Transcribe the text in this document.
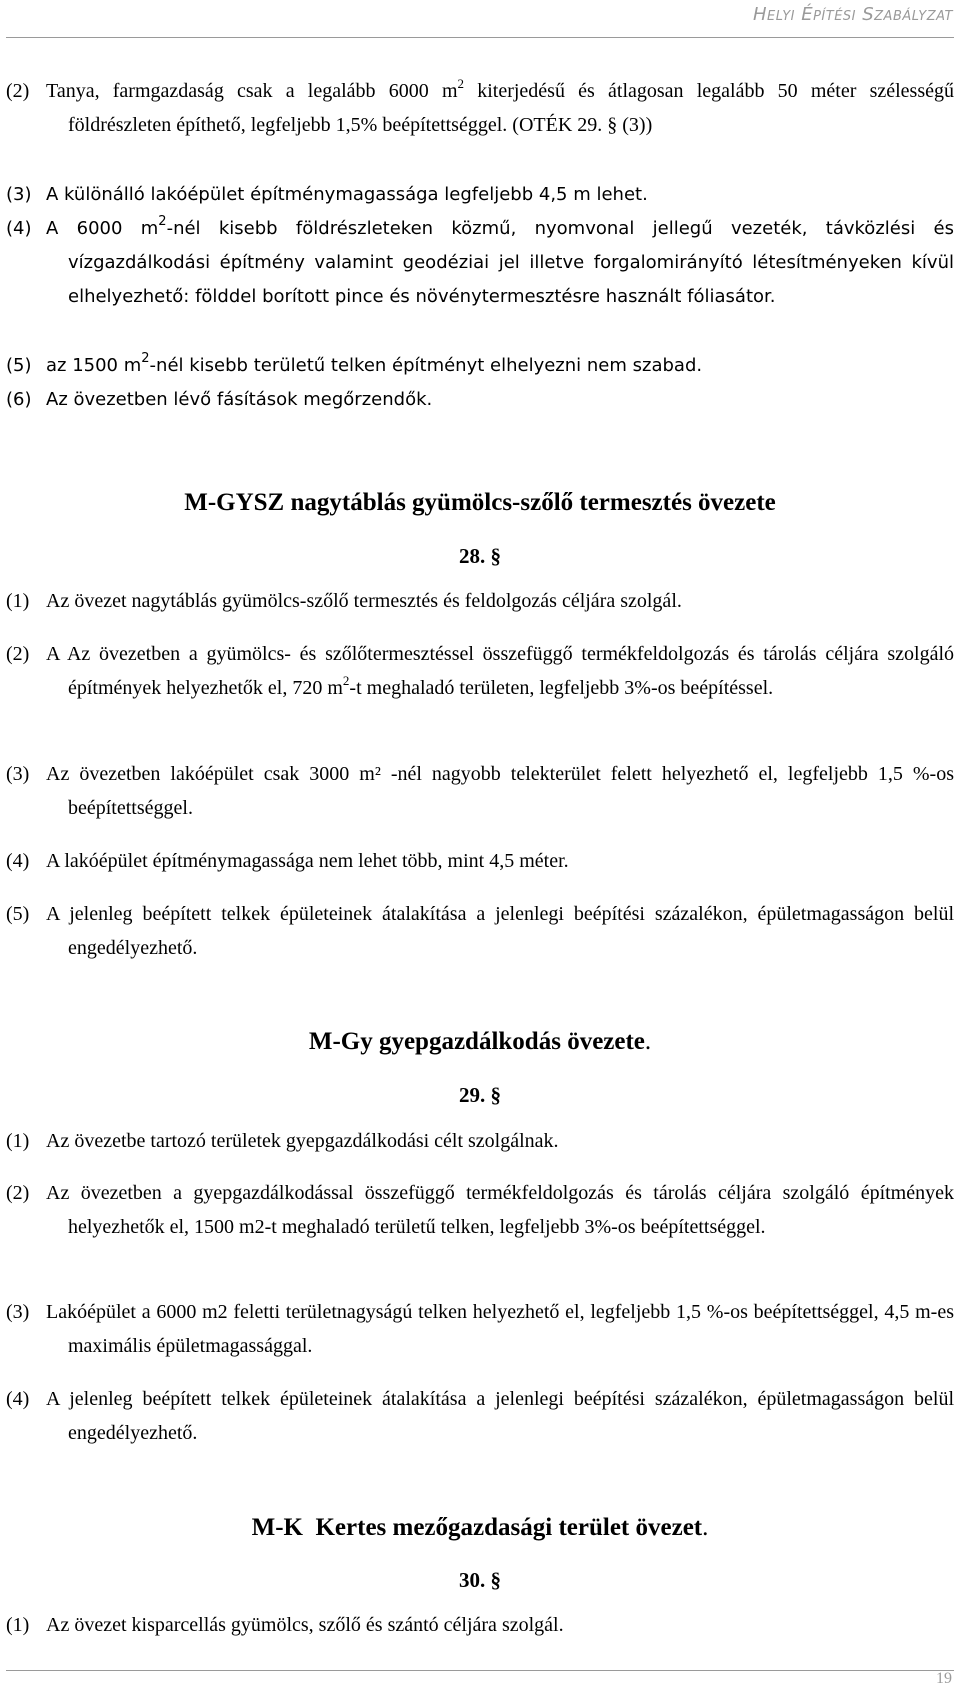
Helyi Építési Szabályzat
(2) Tanya, farmgazdaság csak a legalább 6000 $m^2$ kiterjedésű és átlagosan legalább 50 méter szélességű földrészleten építhető, legfeljebb 1,5% beépítettséggel. (OTÉK 29. § (3))
(3) A különálló lakóépület építménymagassága legfeljebb 4,5 m lehet.
(4) A 6000 $m^2$-nél kisebb földrészleteken közmű, nyomvonal jellegű vezeték, távközlési és vízgazdálkodási építmény valamint geodéziai jel illetve forgalomirányító létesítményeken kívül elhelyezhető: földdel borított pince és növénytermesztésre használt fóliasátor.
(5) az 1500 $m^2$-nél kisebb területű telken építményt elhelyezni nem szabad.
(6) Az övezetben lévő fásítások megőrzendők.
M-GYSZ nagytáblás gyümölcs-szőlő termesztés övezete
28. §
(1) Az övezet nagytáblás gyümölcs-szőlő termesztés és feldolgozás céljára szolgál.
(2) A Az övezetben a gyümölcs- és szőlőtermesztéssel összefüggő termékfeldolgozás és tárolás céljára szolgáló építmények helyezhetők el, 720 $m^2-t$ meghaladó területen, legfeljebb 3%-os beépítéssel.
(3) Az övezetben lakóépület csak 3000 m² -nél nagyobb telekterület felett helyezhető el, legfeljebb 1,5 %-os beépítettséggel.
(4) A lakóépület építménymagassága nem lehet több, mint 4,5 méter.
(5) A jelenleg beépített telkek épületeinek átalakítása a jelenlegi beépítési százalékon, épületmagasságon belül engedélyezhető.
M-Gy gyepgazdálkodás övezete.
29. §
(1) Az övezetbe tartozó területek gyepgazdálkodási célt szolgálnak.
(2) Az övezetben a gyepgazdálkodással összefüggő termékfeldolgozás és tárolás céljára szolgáló építmények helyezhetők el, 1500 m2-t meghaladó területű telken, legfeljebb 3%-os beépítettséggel.
(3) Lakóépület a 6000 m2 feletti területnagyságú telken helyezhető el, legfeljebb 1,5 %-os beépítettséggel, 4,5 m-es maximális épületmagassággal.
(4) A jelenleg beépített telkek épületeinek átalakítása a jelenlegi beépítési százalékon, épületmagasságon belül engedélyezhető.
M-K  Kertes mezőgazdasági terület övezet.
30. §
(1) Az övezet kisparcellás gyümölcs, szőlő és szántó céljára szolgál.
19
